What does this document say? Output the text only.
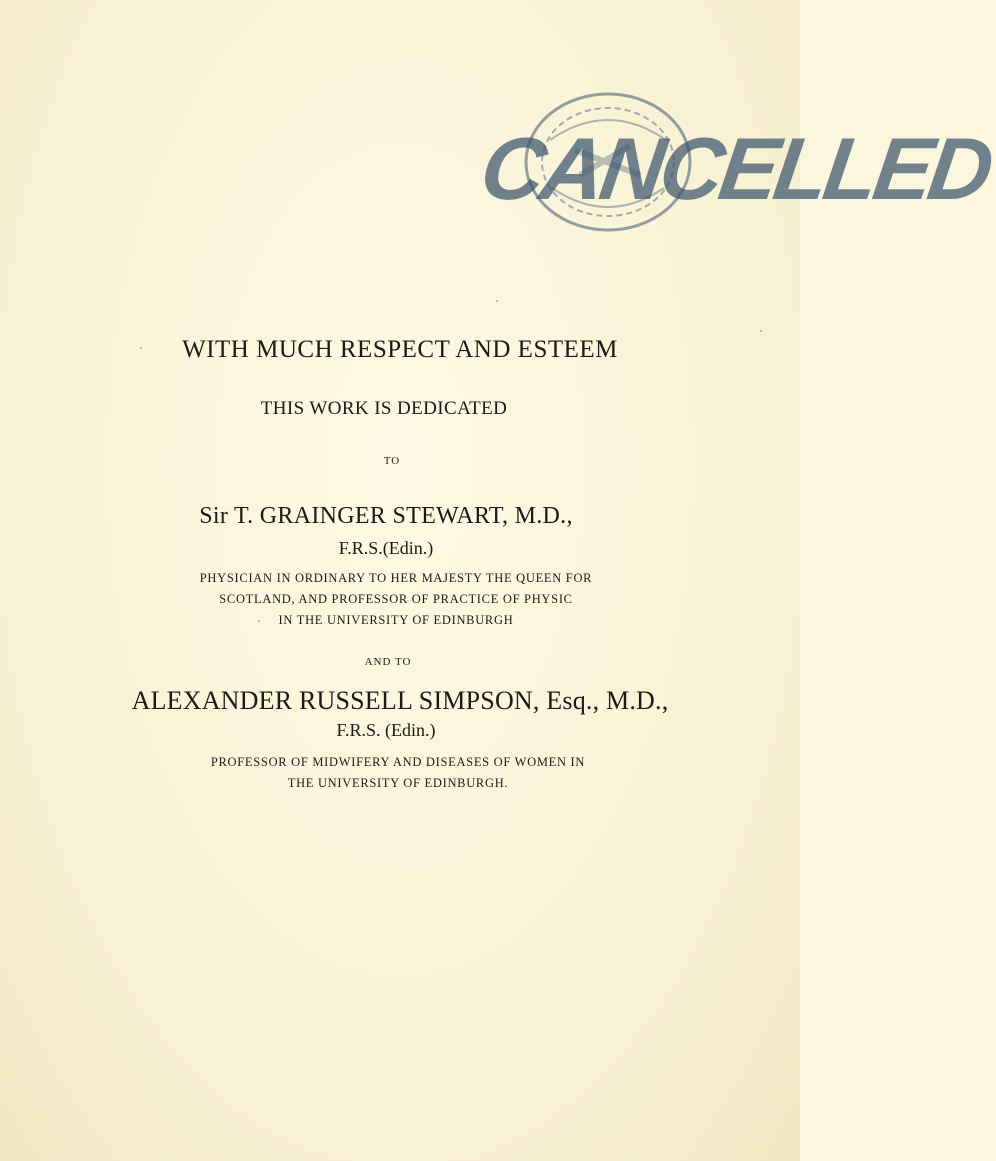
CANCELLED
WITH MUCH RESPECT AND ESTEEM
THIS WORK IS DEDICATED
TO
Sir T. GRAINGER STEWART, M.D.,
F.R.S.(Edin.)
PHYSICIAN IN ORDINARY TO HER MAJESTY THE QUEEN FOR
SCOTLAND, AND PROFESSOR OF PRACTICE OF PHYSIC
IN THE UNIVERSITY OF EDINBURGH
AND TO
ALEXANDER RUSSELL SIMPSON, Esq., M.D.,
F.R.S. (Edin.)
PROFESSOR OF MIDWIFERY AND DISEASES OF WOMEN IN
THE UNIVERSITY OF EDINBURGH.
